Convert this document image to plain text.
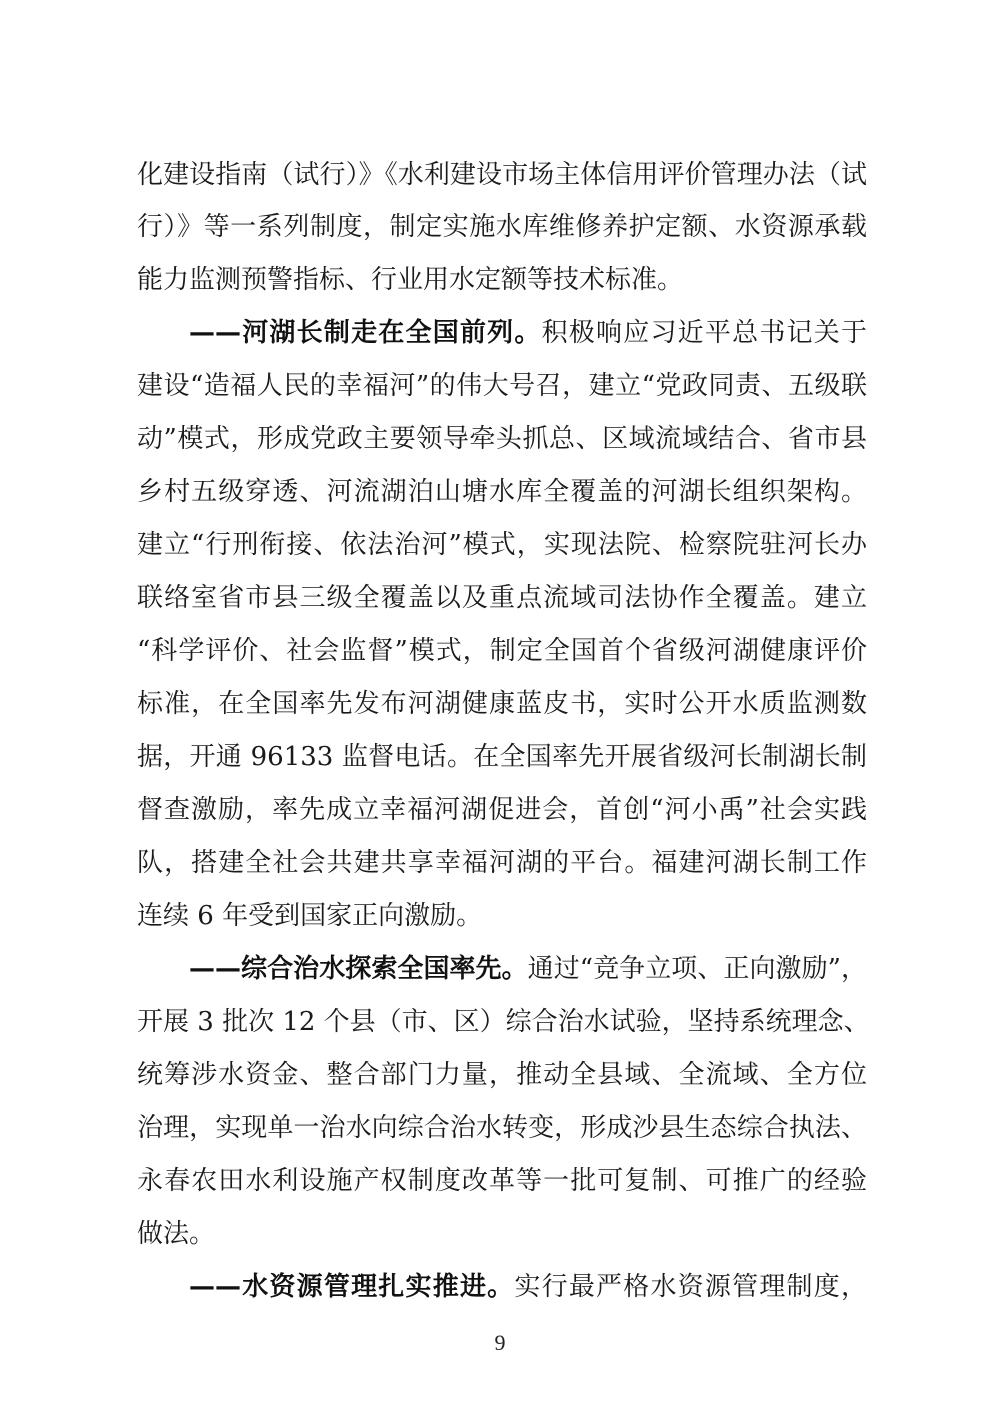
化建设指南（试行）》《水利建设市场主体信用评价管理办法（试
行）》等一系列制度，制定实施水库维修养护定额、水资源承载
能力监测预警指标、行业用水定额等技术标准。
——河湖长制走在全国前列。积极响应习近平总书记关于
建设“造福人民的幸福河”的伟大号召，建立“党政同责、五级联
动”模式，形成党政主要领导牵头抓总、区域流域结合、省市县
乡村五级穿透、河流湖泊山塘水库全覆盖的河湖长组织架构。
建立“行刑衔接、依法治河”模式，实现法院、检察院驻河长办
联络室省市县三级全覆盖以及重点流域司法协作全覆盖。建立
“科学评价、社会监督”模式，制定全国首个省级河湖健康评价
标准，在全国率先发布河湖健康蓝皮书，实时公开水质监测数
据，开通 96133 监督电话。在全国率先开展省级河长制湖长制
督查激励，率先成立幸福河湖促进会，首创“河小禹”社会实践
队，搭建全社会共建共享幸福河湖的平台。福建河湖长制工作
连续 6 年受到国家正向激励。
——综合治水探索全国率先。通过“竞争立项、正向激励”，
开展 3 批次 12 个县（市、区）综合治水试验，坚持系统理念、
统筹涉水资金、整合部门力量，推动全县域、全流域、全方位
治理，实现单一治水向综合治水转变，形成沙县生态综合执法、
永春农田水利设施产权制度改革等一批可复制、可推广的经验
做法。
——水资源管理扎实推进。实行最严格水资源管理制度，
9
